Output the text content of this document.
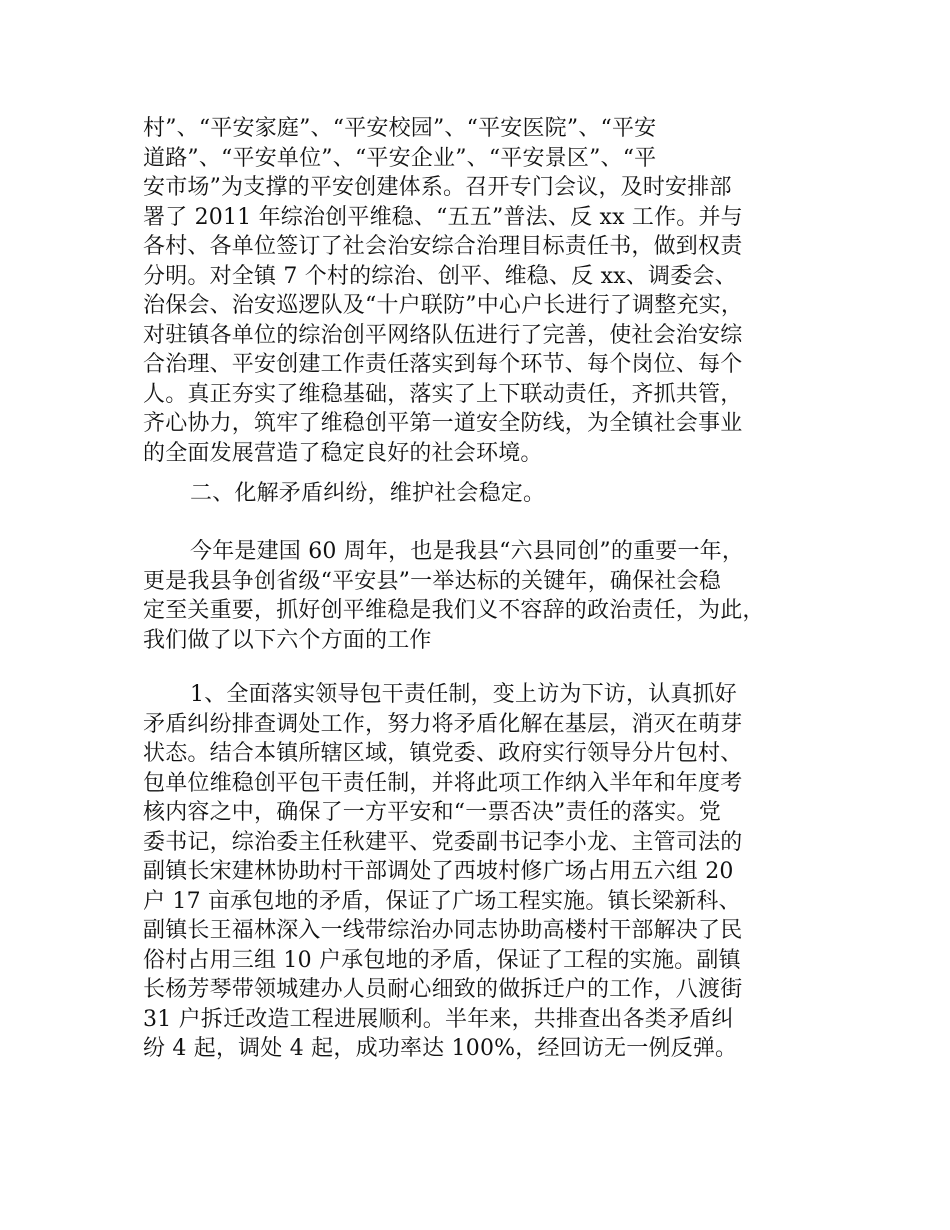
村”、“平安家庭”、“平安校园”、“平安医院”、“平安
道路”、“平安单位”、“平安企业”、“平安景区”、“平
安市场”为支撑的平安创建体系。召开专门会议，及时安排部
署了 2011 年综治创平维稳、“五五”普法、反 xx 工作。并与
各村、各单位签订了社会治安综合治理目标责任书，做到权责
分明。对全镇 7 个村的综治、创平、维稳、反 xx、调委会、
治保会、治安巡逻队及“十户联防”中心户长进行了调整充实，
对驻镇各单位的综治创平网络队伍进行了完善，使社会治安综
合治理、平安创建工作责任落实到每个环节、每个岗位、每个
人。真正夯实了维稳基础，落实了上下联动责任，齐抓共管，
齐心协力，筑牢了维稳创平第一道安全防线，为全镇社会事业
的全面发展营造了稳定良好的社会环境。
二、化解矛盾纠纷，维护社会稳定。
今年是建国 60 周年，也是我县“六县同创”的重要一年，
更是我县争创省级“平安县”一举达标的关键年，确保社会稳
定至关重要，抓好创平维稳是我们义不容辞的政治责任，为此，
我们做了以下六个方面的工作
1、全面落实领导包干责任制，变上访为下访，认真抓好
矛盾纠纷排查调处工作，努力将矛盾化解在基层，消灭在萌芽
状态。结合本镇所辖区域，镇党委、政府实行领导分片包村、
包单位维稳创平包干责任制，并将此项工作纳入半年和年度考
核内容之中，确保了一方平安和“一票否决”责任的落实。党
委书记，综治委主任秋建平、党委副书记李小龙、主管司法的
副镇长宋建林协助村干部调处了西坡村修广场占用五六组 20
户 17 亩承包地的矛盾，保证了广场工程实施。镇长梁新科、
副镇长王福林深入一线带综治办同志协助高楼村干部解决了民
俗村占用三组 10 户承包地的矛盾，保证了工程的实施。副镇
长杨芳琴带领城建办人员耐心细致的做拆迁户的工作，八渡街
31 户拆迁改造工程进展顺利。半年来，共排查出各类矛盾纠
纷 4 起，调处 4 起，成功率达 100%，经回访无一例反弹。
